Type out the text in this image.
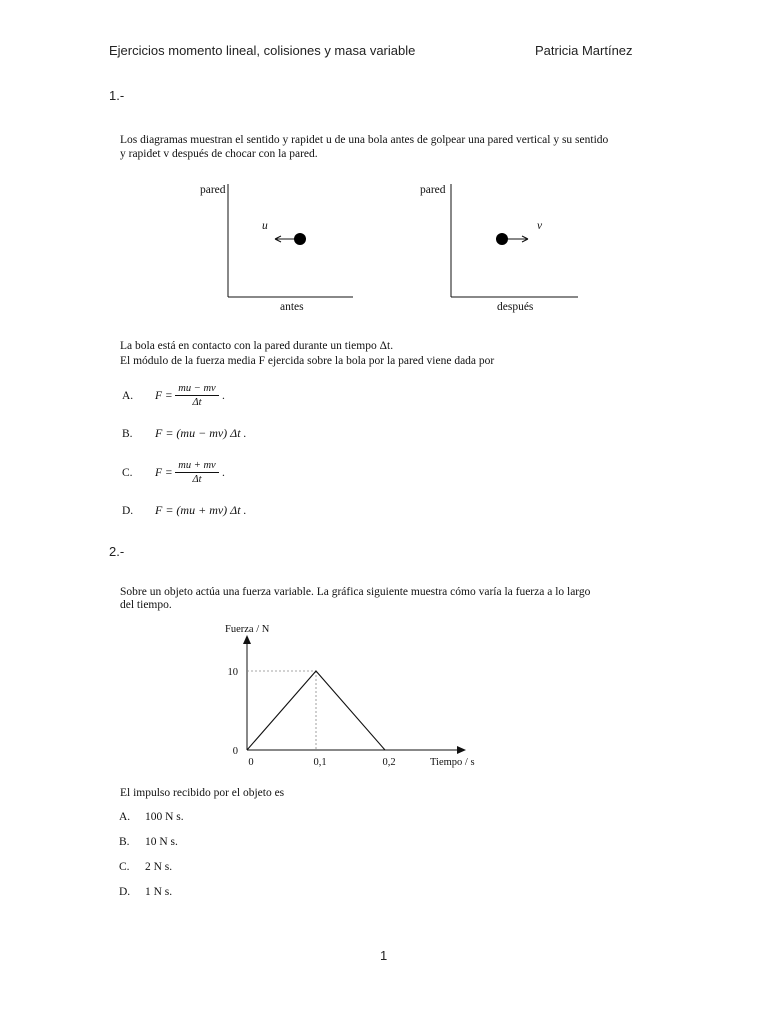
Ejercicios momento lineal, colisiones y masa variable	Patricia Martínez
1.-
Los diagramas muestran el sentido y rapidet u de una bola antes de golpear una pared vertical y su sentido
y rapidet v después de chocar con la pared.
pared
u
antes
pared
v
después
La bola está en contacto con la pared durante un tiempo Δt.
El módulo de la fuerza media F ejercida sobre la bola por la pared viene dada por
A. $F = \frac{mu - mv}{\Delta t}$ .
B. F = (mu − mv) Δt .
C. $F = \frac{mu + mv}{\Delta t}$ .
D. F = (mu + mv) Δt .
2.-
Sobre un objeto actúa una fuerza variable. La gráfica siguiente muestra cómo varía la fuerza a lo largo
del tiempo.
0	0,1	0,2
0
10
Fuerza / N
Tiempo / s
El impulso recibido por el objeto es
A. 100 N s.
B. 10 N s.
C. 2 N s.
D. 1 N s.
1
